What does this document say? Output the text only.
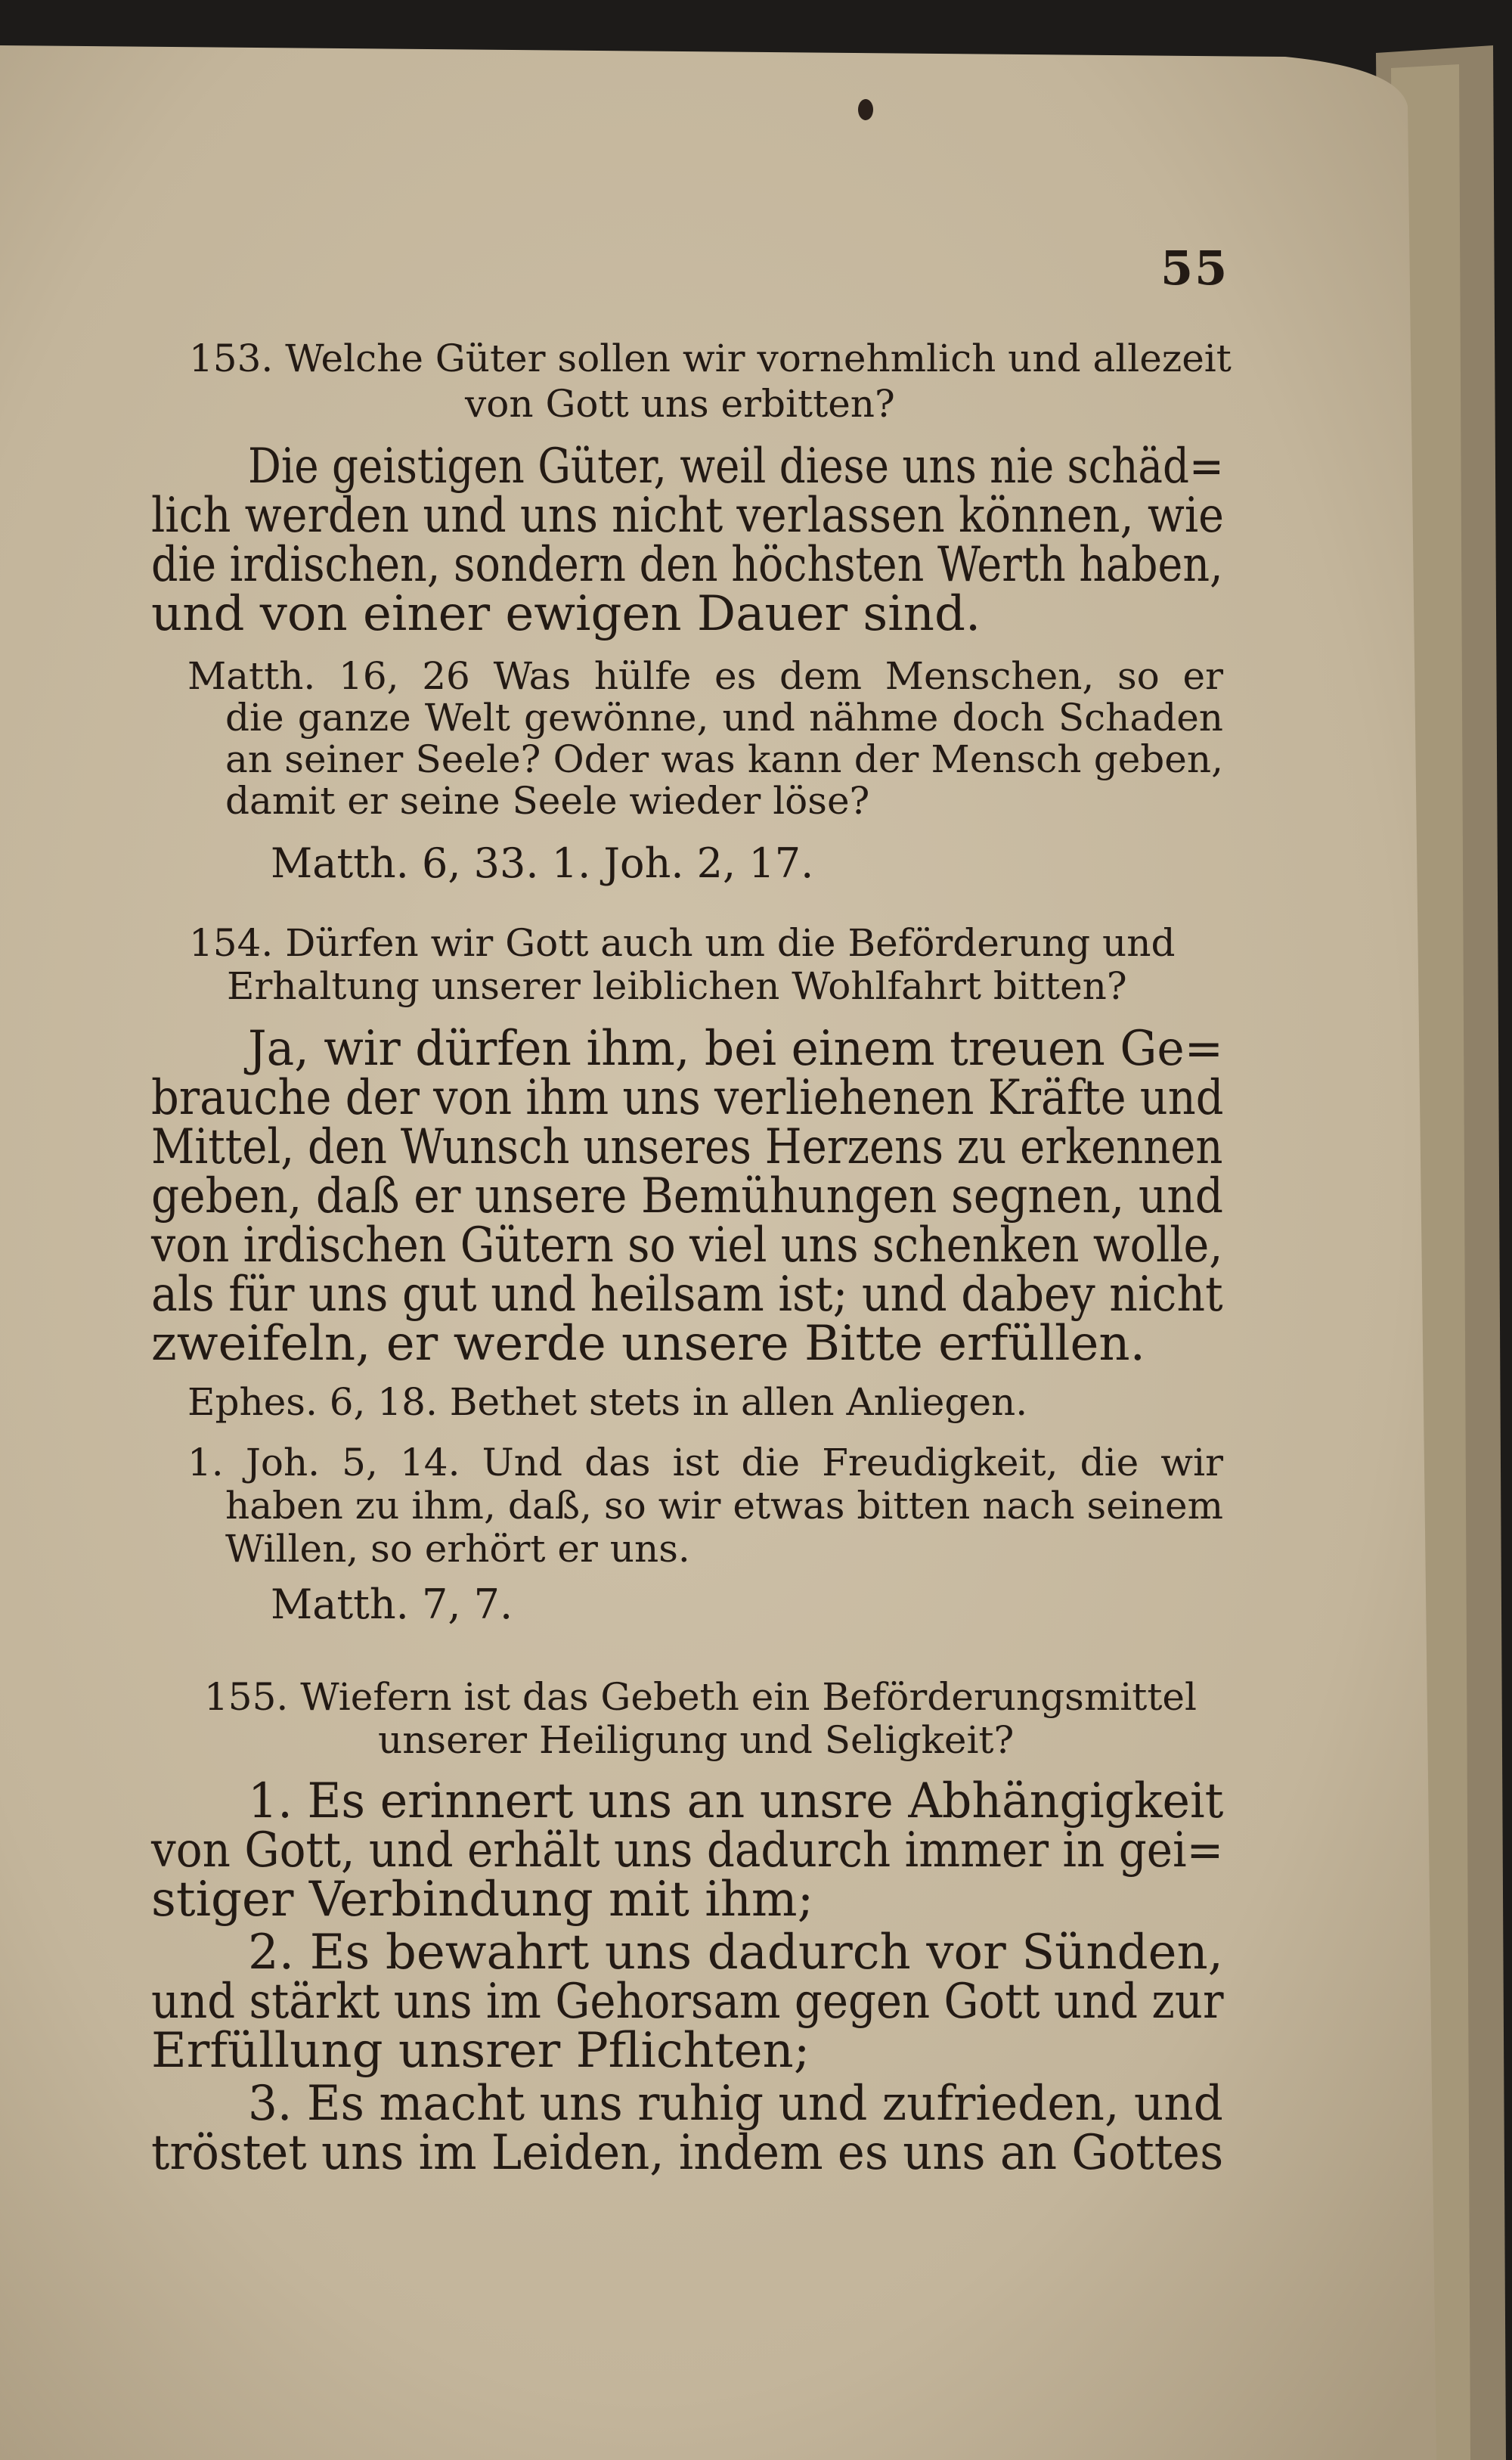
55
153. Welche Güter sollen wir vornehmlich und allezeit
von Gott uns erbitten?
Die geistigen Güter, weil diese uns nie schäd=
lich werden und uns nicht verlassen können, wie
die irdischen, sondern den höchsten Werth haben,
und von einer ewigen Dauer sind.
Matth. 16, 26 Was hülfe es dem Menschen, so er
die ganze Welt gewönne, und nähme doch Schaden
an seiner Seele? Oder was kann der Mensch geben,
damit er seine Seele wieder löse?
Matth. 6, 33. 1. Joh. 2, 17.
154. Dürfen wir Gott auch um die Beförderung und
Erhaltung unserer leiblichen Wohlfahrt bitten?
Ja, wir dürfen ihm, bei einem treuen Ge=
brauche der von ihm uns verliehenen Kräfte und
Mittel, den Wunsch unseres Herzens zu erkennen
geben, daß er unsere Bemühungen segnen, und
von irdischen Gütern so viel uns schenken wolle,
als für uns gut und heilsam ist; und dabey nicht
zweifeln, er werde unsere Bitte erfüllen.
Ephes. 6, 18. Bethet stets in allen Anliegen.
1. Joh. 5, 14. Und das ist die Freudigkeit, die wir
haben zu ihm, daß, so wir etwas bitten nach seinem
Willen, so erhört er uns.
Matth. 7, 7.
155. Wiefern ist das Gebeth ein Beförderungsmittel
unserer Heiligung und Seligkeit?
1. Es erinnert uns an unsre Abhängigkeit
von Gott, und erhält uns dadurch immer in gei=
stiger Verbindung mit ihm;
2. Es bewahrt uns dadurch vor Sünden,
und stärkt uns im Gehorsam gegen Gott und zur
Erfüllung unsrer Pflichten;
3. Es macht uns ruhig und zufrieden, und
tröstet uns im Leiden, indem es uns an Gottes
